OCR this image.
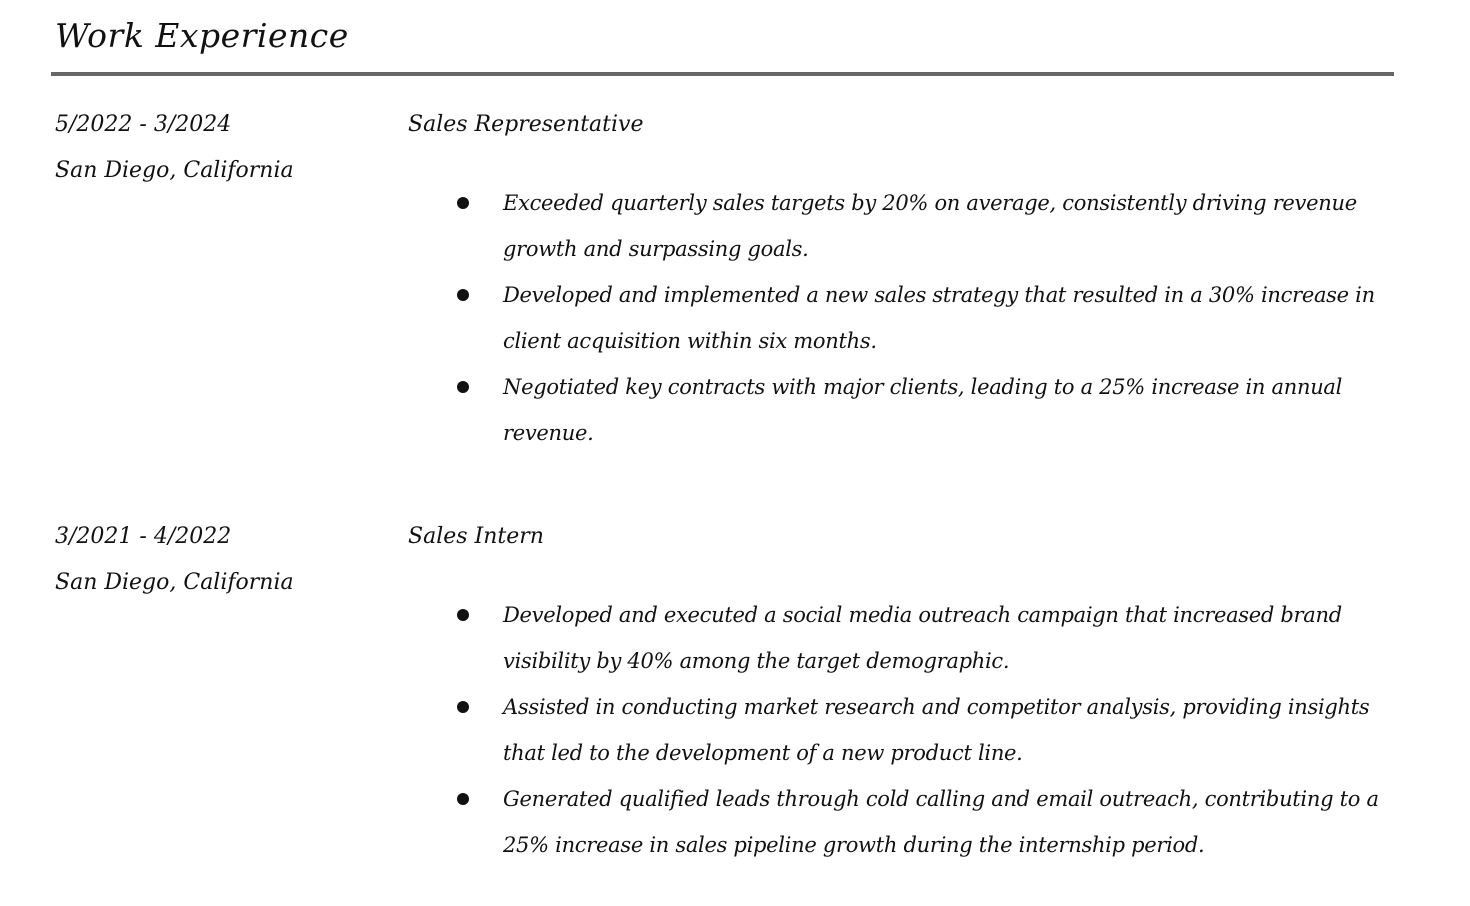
Work Experience
5/2022 - 3/2024
San Diego, California
Sales Representative
Exceeded quarterly sales targets by 20% on average, consistently driving revenue growth and surpassing goals.
Developed and implemented a new sales strategy that resulted in a 30% increase in client acquisition within six months.
Negotiated key contracts with major clients, leading to a 25% increase in annual revenue.
3/2021 - 4/2022
San Diego, California
Sales Intern
Developed and executed a social media outreach campaign that increased brand visibility by 40% among the target demographic.
Assisted in conducting market research and competitor analysis, providing insights that led to the development of a new product line.
Generated qualified leads through cold calling and email outreach, contributing to a 25% increase in sales pipeline growth during the internship period.
